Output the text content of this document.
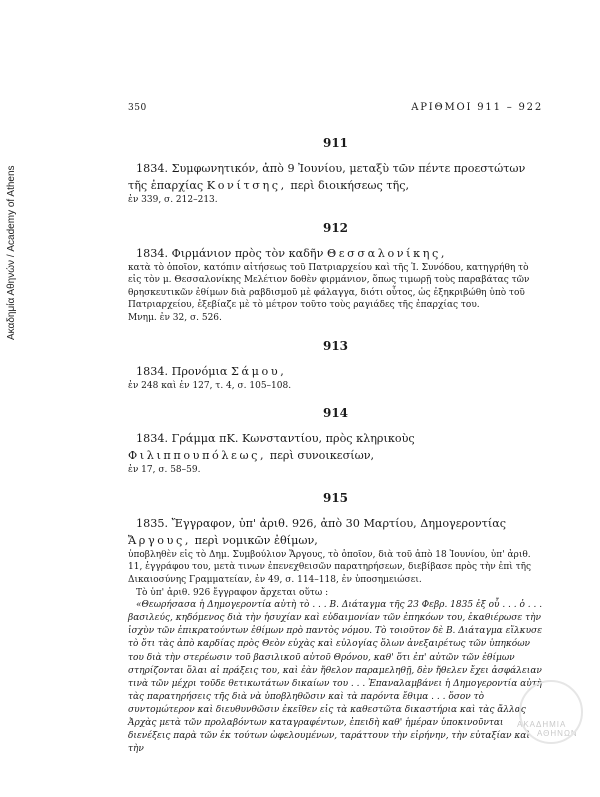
Ακαδημία Αθηνών / Academy of Athens
350	ΑΡΙΘΜΟΙ 911 – 922
911
1834. Συμφωνητικόν, ἀπὸ 9 Ἰουνίου, μεταξὺ τῶν πέντε προεστώτων τῆς ἐπαρχίας Κονίτσης, περὶ διοικήσεως τῆς,
ἐν 339, σ. 212–213.
912
1834. Φιρμάνιον πρὸς τὸν καδῆν Θεσσαλονίκης,
κατὰ τὸ ὁποῖον, κατόπιν αἰτήσεως τοῦ Πατριαρχείου καὶ τῆς Ἱ. Συνόδου, κατηγρήθη τὸ εἰς τὸν μ. Θεσσαλονίκης Μελέτιον δοθὲν φιρμάνιον, ὅπως τιμωρῇ τοὺς παραβάτας τῶν θρησκευτικῶν ἐθίμων διὰ ραβδισμοῦ μὲ φάλαγγα, διότι οὗτος, ὡς ἐξηκριβώθη ὑπὸ τοῦ Πατριαρχείου, ἐξεβίαζε μὲ τὸ μέτρον τοῦτο τοὺς ραγιάδες τῆς ἐπαρχίας του.
Μνημ. ἐν 32, σ. 526.
913
1834. Προνόμια Σάμου,
ἐν 248 καὶ ἐν 127, τ. 4, σ. 105–108.
914
1834. Γράμμα πΚ. Κωνσταντίου, πρὸς κληρικοὺς Φιλιππουπόλεως, περὶ συνοικεσίων,
ἐν 17, σ. 58–59.
915
1835. Ἔγγραφον, ὑπ' ἀριθ. 926, ἀπὸ 30 Μαρτίου, Δημογεροντίας Ἄργους, περὶ νομικῶν ἐθίμων,
ὑποβληθὲν εἰς τὸ Δημ. Συμβούλιον Ἄργους, τὸ ὁποῖον, διὰ τοῦ ἀπὸ 18 Ἰουνίου, ὑπ' ἀριθ. 11, ἐγγράφου του, μετὰ τινων ἐπενεχθεισῶν παρατηρήσεων, διεβίβασε πρὸς τὴν ἐπὶ τῆς Δικαιοσύνης Γραμματείαν, ἐν 49, σ. 114–118, ἐν ὑποσημειώσει.
Τὸ ὑπ' ἀριθ. 926 ἔγγραφον ἄρχεται οὕτω :
«Θεωρήσασα ἡ Δημογεροντία αὐτὴ τὸ . . . Β. Διάταγμα τῆς 23 Φεβρ. 1835 ἐξ οὗ . . . ὁ . . . βασιλεύς, κηδόμενος διὰ τὴν ἡσυχίαν καὶ εὐδαιμονίαν τῶν ἐπηκόων του, ἐκαθιέρωσε τὴν ἰσχὺν τῶν ἐπικρατούντων ἐθίμων πρὸ παντὸς νόμου. Τὸ τοιοῦτον δὲ Β. Διάταγμα εἵλκυσε τὸ ὅτι τὰς ἀπὸ καρδίας πρὸς Θεὸν εὐχὰς καὶ εὐλογίας ὅλων ἀνεξαιρέτως τῶν ὑπηκόων του διὰ τὴν στερέωσιν τοῦ βασιλικοῦ αὐτοῦ Θρόνου, καθ' ὅτι ἐπ' αὐτῶν τῶν ἐθίμων στηρίζονται ὅλαι αἱ πράξεις του, καὶ ἐὰν ἤθελον παραμεληθῇ, δὲν ἤθελεν ἔχει ἀσφάλειαν τινὰ τῶν μέχρι τοῦδε θετικωτάτων δικαίων του . . . Ἐπαναλαμβάνει ἡ Δημογεροντία αὐτὴ τὰς παρατηρήσεις τῆς διὰ νὰ ὑποβληθῶσιν καὶ τὰ παρόντα ἔθιμα . . . ὅσον τὸ συντομώτερον καὶ διευθυνθῶσιν ἐκεῖθεν εἰς τὰ καθεστῶτα δικαστήρια καὶ τὰς ἄλλας Ἀρχὰς μετὰ τῶν προλαβόντων καταγραφέντων, ἐπειδὴ καθ' ἡμέραν ὑποκινοῦνται διενέξεις παρὰ τῶν ἐκ τούτων ὠφελουμένων, ταράττουν τὴν εἰρήνην, τὴν εὐταξίαν καὶ τὴν
ΑΚΑΔΗΜΙΑ
ΑΘΗΝΩΝ
